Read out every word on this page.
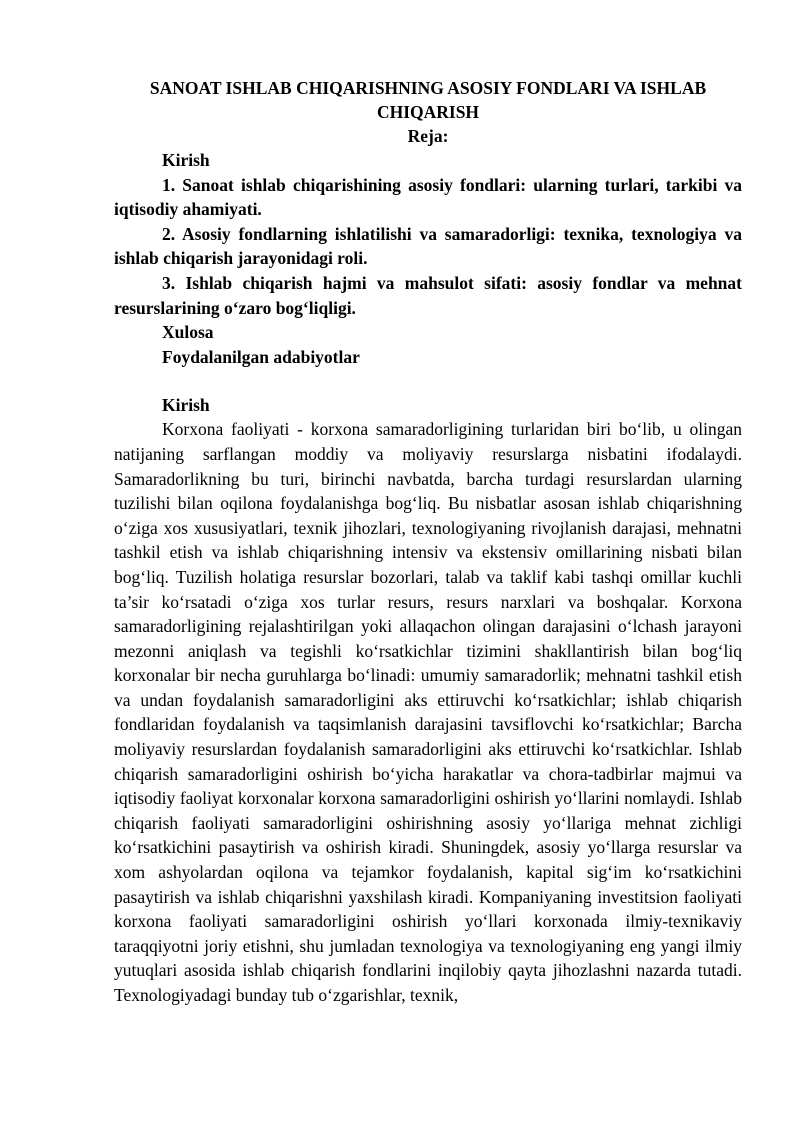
SANOAT ISHLAB CHIQARISHNING ASOSIY FONDLARI VA ISHLAB CHIQARISH

Reja:

Kirish

1. Sanoat ishlab chiqarishining asosiy fondlari: ularning turlari, tarkibi va iqtisodiy ahamiyati.

2. Asosiy fondlarning ishlatilishi va samaradorligi: texnika, texnologiya va ishlab chiqarish jarayonidagi roli.

3. Ishlab chiqarish hajmi va mahsulot sifati: asosiy fondlar va mehnat resurslarining o‘zaro bog‘liqligi.

Xulosa

Foydalanilgan adabiyotlar

Kirish

Korxona faoliyati - korxona samaradorligining turlaridan biri bo‘lib, u olingan natijaning sarflangan moddiy va moliyaviy resurslarga nisbatini ifodalaydi. Samaradorlikning bu turi, birinchi navbatda, barcha turdagi resurslardan ularning tuzilishi bilan oqilona foydalanishga bog‘liq. Bu nisbatlar asosan ishlab chiqarishning o‘ziga xos xususiyatlari, texnik jihozlari, texnologiyaning rivojlanish darajasi, mehnatni tashkil etish va ishlab chiqarishning intensiv va ekstensiv omillarining nisbati bilan bog‘liq. Tuzilish holatiga resurslar bozorlari, talab va taklif kabi tashqi omillar kuchli ta’sir ko‘rsatadi o‘ziga xos turlar resurs, resurs narxlari va boshqalar. Korxona samaradorligining rejalashtirilgan yoki allaqachon olingan darajasini o‘lchash jarayoni mezonni aniqlash va tegishli ko‘rsatkichlar tizimini shakllantirish bilan bog‘liq korxonalar bir necha guruhlarga bo‘linadi: umumiy samaradorlik; mehnatni tashkil etish va undan foydalanish samaradorligini aks ettiruvchi ko‘rsatkichlar; ishlab chiqarish fondlaridan foydalanish va taqsimlanish darajasini tavsiflovchi ko‘rsatkichlar; Barcha moliyaviy resurslardan foydalanish samaradorligini aks ettiruvchi ko‘rsatkichlar. Ishlab chiqarish samaradorligini oshirish bo‘yicha harakatlar va chora-tadbirlar majmui va iqtisodiy faoliyat korxonalar korxona samaradorligini oshirish yo‘llarini nomlaydi. Ishlab chiqarish faoliyati samaradorligini oshirishning asosiy yo‘llariga mehnat zichligi ko‘rsatkichini pasaytirish va oshirish kiradi. Shuningdek, asosiy yo‘llarga resurslar va xom ashyolardan oqilona va tejamkor foydalanish, kapital sig‘im ko‘rsatkichini pasaytirish va ishlab chiqarishni yaxshilash kiradi. Kompaniyaning investitsion faoliyati korxona faoliyati samaradorligini oshirish yo‘llari korxonada ilmiy-texnikaviy taraqqiyotni joriy etishni, shu jumladan texnologiya va texnologiyaning eng yangi ilmiy yutuqlari asosida ishlab chiqarish fondlarini inqilobiy qayta jihozlashni nazarda tutadi. Texnologiyadagi bunday tub o‘zgarishlar, texnik,
